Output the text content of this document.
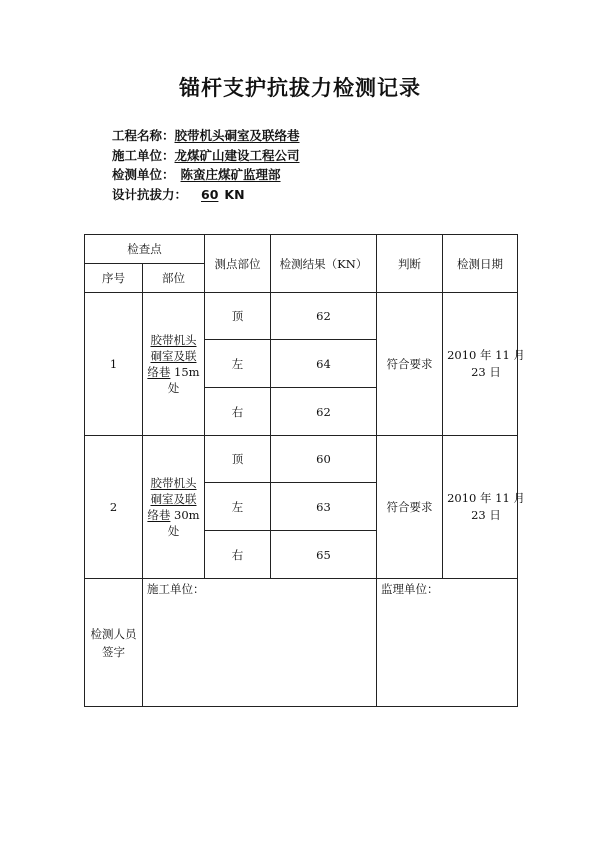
锚杆支护抗拔力检测记录
工程名称：胶带机头硐室及联络巷
施工单位：龙煤矿山建设工程公司
检测单位： 陈蛮庄煤矿监理部
设计抗拔力： 60 KN
检查点		测点部位	检测结果（KN）	判断	检测日期
序号	部位				
1	胶带机头硐室及联络巷 15m处	顶	62	符合要求	2010 年 11 月 23 日
		左	64		
		右	62		
2	胶带机头硐室及联络巷 30m处	顶	60	符合要求	2010 年 11 月 23 日
		左	63		
		右	65		
检测人员签字	施工单位：			监理单位：	
